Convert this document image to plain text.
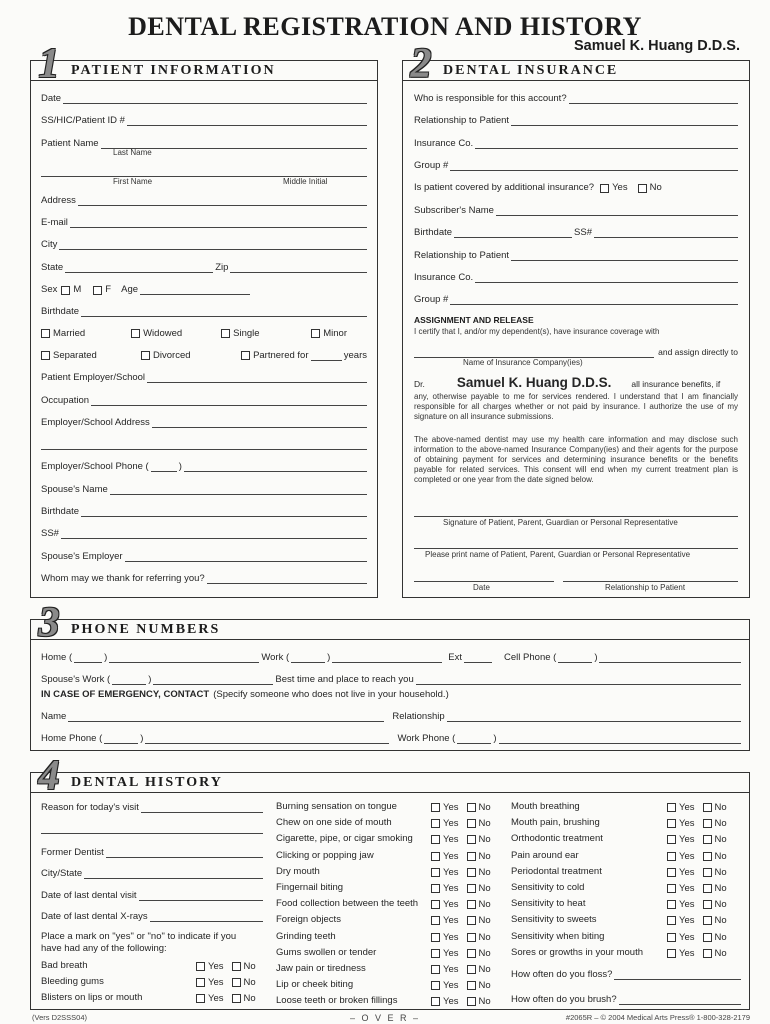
DENTAL REGISTRATION AND HISTORY
Samuel K. Huang D.D.S.
1 PATIENT INFORMATION
Date
SS/HIC/Patient ID #
Patient Name
Last Name
First Name	Middle Initial
Address
E-mail
City
State	Zip
Sex M	F Age
Birthdate
Married	Widowed	Single	Minor
Separated	Divorced	Partnered for	years
Patient Employer/School
Occupation
Employer/School Address
Employer/School Phone (	)
Spouse's Name
Birthdate
SS#
Spouse's Employer
Whom may we thank for referring you?
2 DENTAL INSURANCE
Who is responsible for this account?
Relationship to Patient
Insurance Co.
Group #
Is patient covered by additional insurance? Yes No
Subscriber's Name
Birthdate	SS#
Relationship to Patient
Insurance Co.
Group #
ASSIGNMENT AND RELEASE
I certify that I, and/or my dependent(s), have insurance coverage with
and assign directly to
Name of Insurance Company(ies)
Dr. Samuel K. Huang D.D.S. all insurance benefits, if
any, otherwise payable to me for services rendered. I understand that I am financially responsible for all charges whether or not paid by insurance. I authorize the use of my signature on all insurance submissions.
The above-named dentist may use my health care information and may disclose such information to the above-named Insurance Company(ies) and their agents for the purpose of obtaining payment for services and determining insurance benefits or the benefits payable for related services. This consent will end when my current treatment plan is completed or one year from the date signed below.
Signature of Patient, Parent, Guardian or Personal Representative
Please print name of Patient, Parent, Guardian or Personal Representative
Date	Relationship to Patient
3 PHONE NUMBERS
Home (	)	Work (	)	Ext	Cell Phone (	)
Spouse's Work (	)	Best time and place to reach you
IN CASE OF EMERGENCY, CONTACT (Specify someone who does not live in your household.)
Name	Relationship
Home Phone (	)	Work Phone (	)
4 DENTAL HISTORY
Reason for today's visit
Former Dentist
City/State
Date of last dental visit
Date of last dental X-rays
Place a mark on "yes" or "no" to indicate if you
have had any of the following:
Bad breath	Yes No
Bleeding gums	Yes No
Blisters on lips or mouth	Yes No
Burning sensation on tongue	Yes No
Chew on one side of mouth	Yes No
Cigarette, pipe, or cigar smoking	Yes No
Clicking or popping jaw	Yes No
Dry mouth	Yes No
Fingernail biting	Yes No
Food collection between the teeth	Yes No
Foreign objects	Yes No
Grinding teeth	Yes No
Gums swollen or tender	Yes No
Jaw pain or tiredness	Yes No
Lip or cheek biting	Yes No
Loose teeth or broken fillings	Yes No
Mouth breathing	Yes No
Mouth pain, brushing	Yes No
Orthodontic treatment	Yes No
Pain around ear	Yes No
Periodontal treatment	Yes No
Sensitivity to cold	Yes No
Sensitivity to heat	Yes No
Sensitivity to sweets	Yes No
Sensitivity when biting	Yes No
Sores or growths in your mouth	Yes No
How often do you floss?
How often do you brush?
(Vers D2SSS04)	– O V E R –	#2065R – © 2004 Medical Arts Press® 1-800-328-2179
